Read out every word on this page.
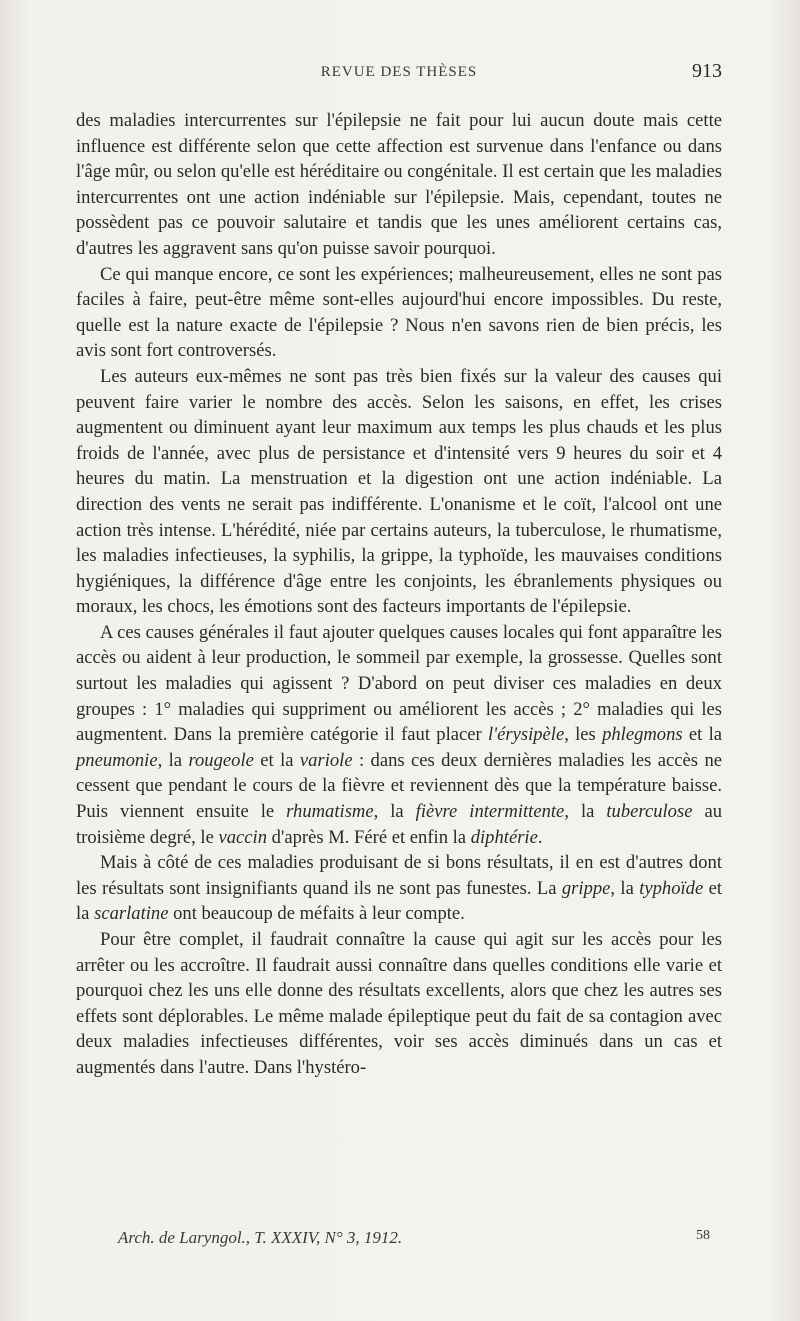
REVUE DES THÈSES	913

des maladies intercurrentes sur l'épilepsie ne fait pour lui aucun doute mais cette influence est différente selon que cette affection est survenue dans l'enfance ou dans l'âge mûr, ou selon qu'elle est héréditaire ou congénitale. Il est certain que les maladies intercurrentes ont une action indéniable sur l'épilepsie. Mais, cependant, toutes ne possèdent pas ce pouvoir salutaire et tandis que les unes améliorent certains cas, d'autres les aggravent sans qu'on puisse savoir pourquoi.

Ce qui manque encore, ce sont les expériences; malheureusement, elles ne sont pas faciles à faire, peut-être même sont-elles aujourd'hui encore impossibles. Du reste, quelle est la nature exacte de l'épilepsie ? Nous n'en savons rien de bien précis, les avis sont fort controversés.

Les auteurs eux-mêmes ne sont pas très bien fixés sur la valeur des causes qui peuvent faire varier le nombre des accès. Selon les saisons, en effet, les crises augmentent ou diminuent ayant leur maximum aux temps les plus chauds et les plus froids de l'année, avec plus de persistance et d'intensité vers 9 heures du soir et 4 heures du matin. La menstruation et la digestion ont une action indéniable. La direction des vents ne serait pas indifférente. L'onanisme et le coït, l'alcool ont une action très intense. L'hérédité, niée par certains auteurs, la tuberculose, le rhumatisme, les maladies infectieuses, la syphilis, la grippe, la typhoïde, les mauvaises conditions hygiéniques, la différence d'âge entre les conjoints, les ébranlements physiques ou moraux, les chocs, les émotions sont des facteurs importants de l'épilepsie.

A ces causes générales il faut ajouter quelques causes locales qui font apparaître les accès ou aident à leur production, le sommeil par exemple, la grossesse. Quelles sont surtout les maladies qui agissent ? D'abord on peut diviser ces maladies en deux groupes : 1° maladies qui suppriment ou améliorent les accès ; 2° maladies qui les augmentent. Dans la première catégorie il faut placer l'érysipèle, les phlegmons et la pneumonie, la rougeole et la variole : dans ces deux dernières maladies les accès ne cessent que pendant le cours de la fièvre et reviennent dès que la température baisse. Puis viennent ensuite le rhumatisme, la fièvre intermittente, la tuberculose au troisième degré, le vaccin d'après M. Féré et enfin la diphtérie.

Mais à côté de ces maladies produisant de si bons résultats, il en est d'autres dont les résultats sont insignifiants quand ils ne sont pas funestes. La grippe, la typhoïde et la scarlatine ont beaucoup de méfaits à leur compte.

Pour être complet, il faudrait connaître la cause qui agit sur les accès pour les arrêter ou les accroître. Il faudrait aussi connaître dans quelles conditions elle varie et pourquoi chez les uns elle donne des résultats excellents, alors que chez les autres ses effets sont déplorables. Le même malade épileptique peut du fait de sa contagion avec deux maladies infectieuses différentes, voir ses accès diminués dans un cas et augmentés dans l'autre. Dans l'hystéro-

Arch. de Laryngol., T. XXXIV, N° 3, 1912.	58
